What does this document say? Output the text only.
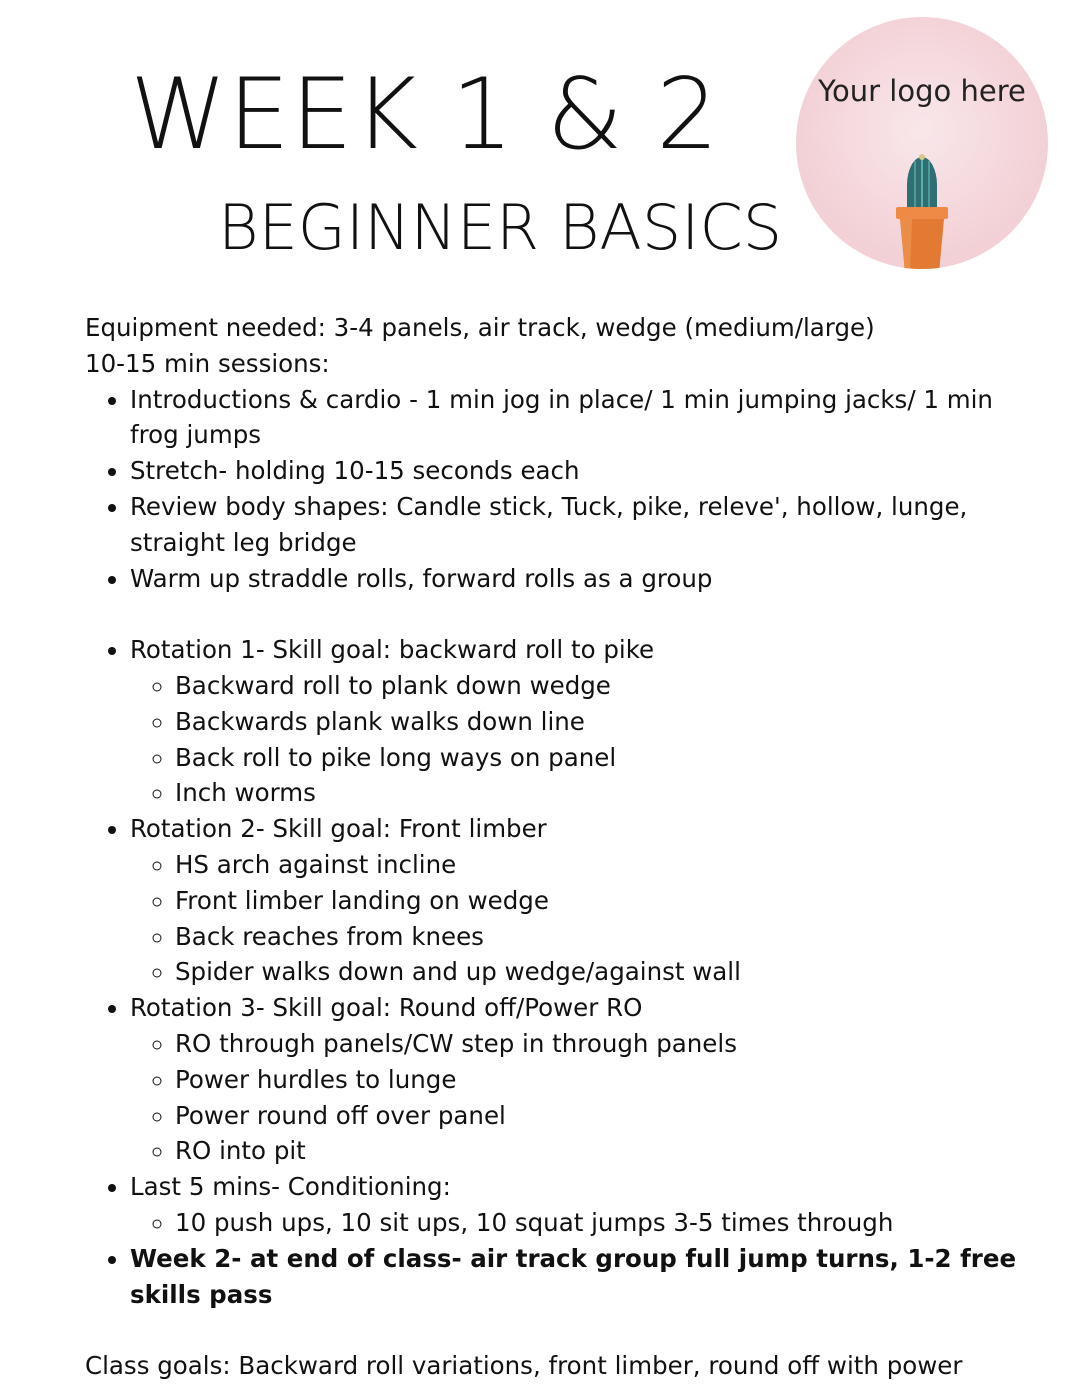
WEEK 1 & 2
BEGINNER BASICS
Your logo here

Equipment needed: 3-4 panels, air track, wedge (medium/large)

10-15 min sessions:

• Introductions & cardio - 1 min jog in place/ 1 min jumping jacks/ 1 min frog jumps
• Stretch- holding 10-15 seconds each
• Review body shapes: Candle stick, Tuck, pike, releve', hollow, lunge, straight leg bridge
• Warm up straddle rolls, forward rolls as a group
• Rotation 1- Skill goal: backward roll to pike
◦ Backward roll to plank down wedge
◦ Backwards plank walks down line
◦ Back roll to pike long ways on panel
◦ Inch worms
• Rotation 2- Skill goal: Front limber
◦ HS arch against incline
◦ Front limber landing on wedge
◦ Back reaches from knees
◦ Spider walks down and up wedge/against wall
• Rotation 3- Skill goal: Round off/Power RO
◦ RO through panels/CW step in through panels
◦ Power hurdles to lunge
◦ Power round off over panel
◦ RO into pit
• Last 5 mins- Conditioning:
◦ 10 push ups, 10 sit ups, 10 squat jumps 3-5 times through
• Week 2- at end of class- air track group full jump turns, 1-2 free skills pass

Class goals: Backward roll variations, front limber, round off with power
